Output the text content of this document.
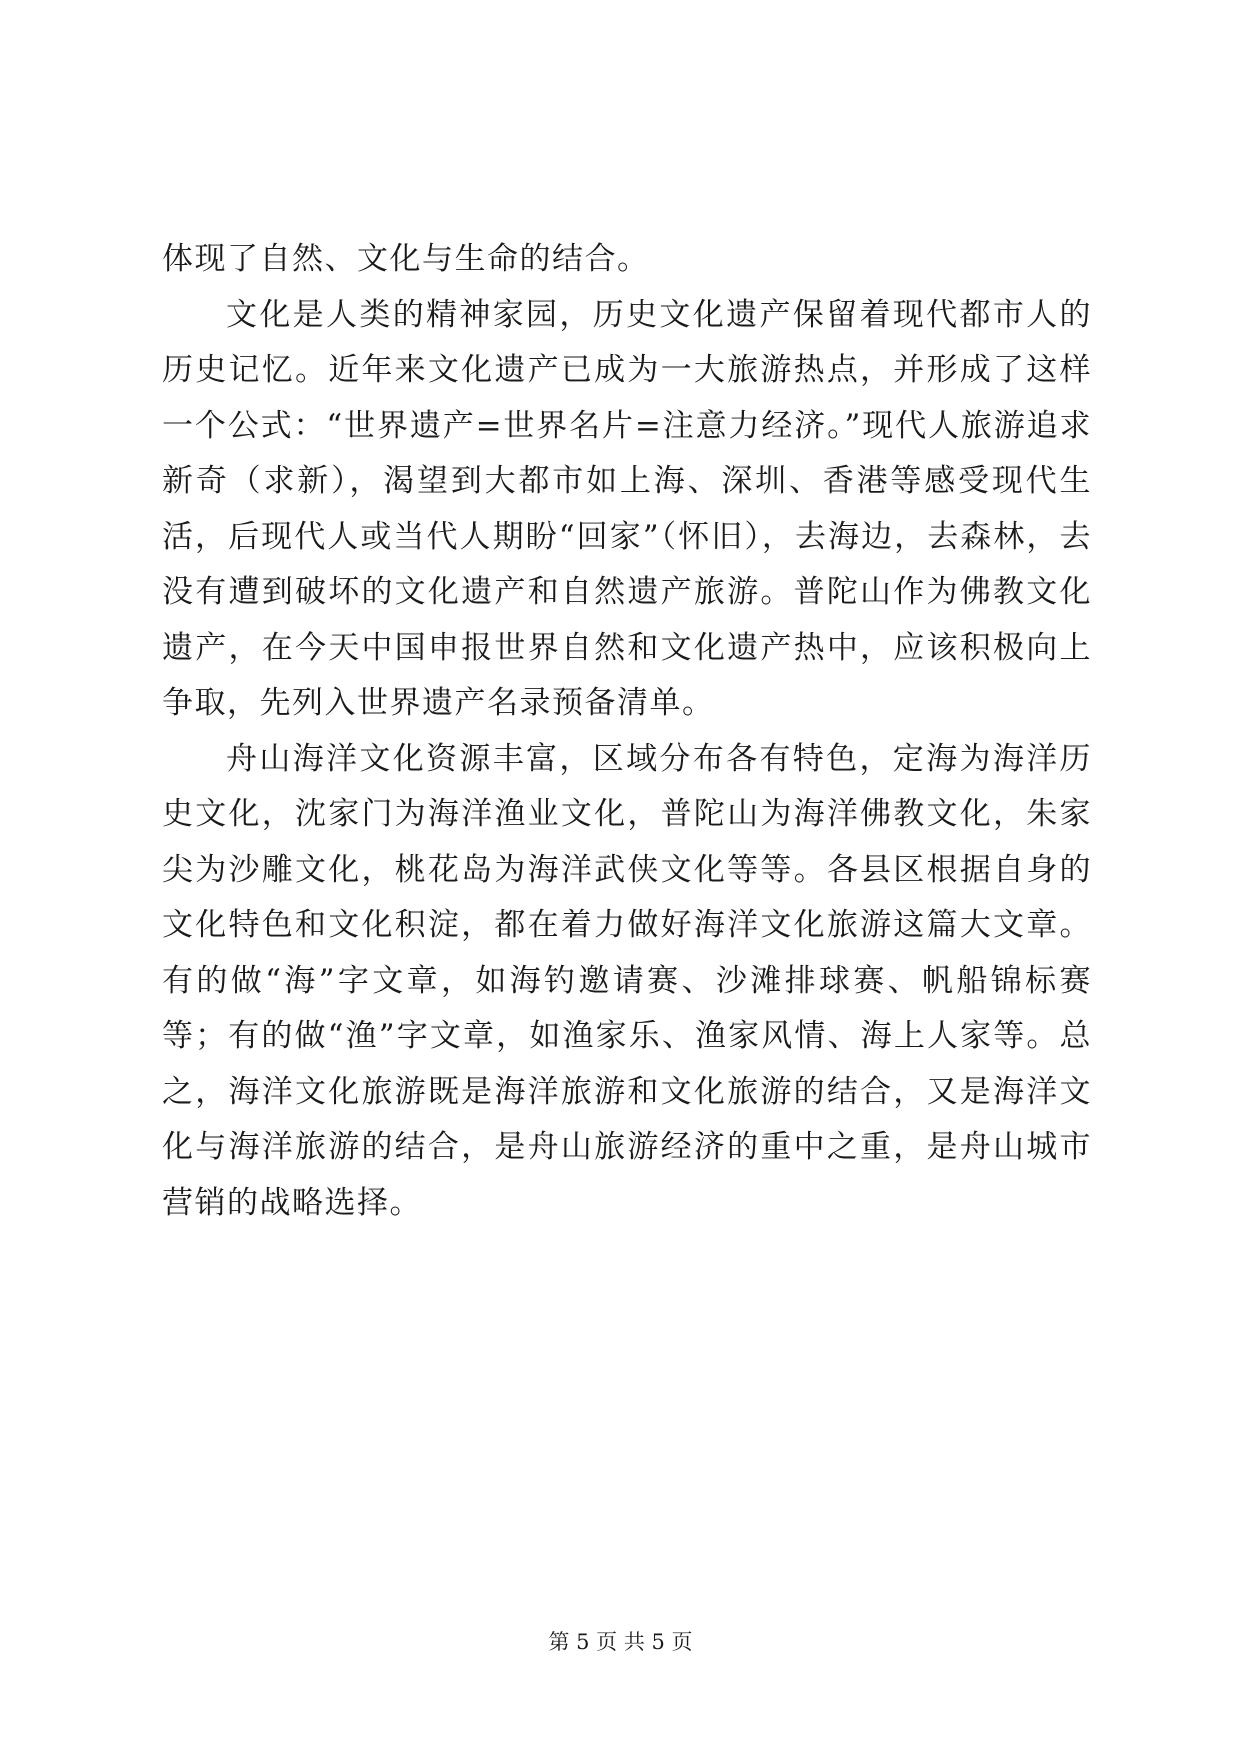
体现了自然、文化与生命的结合。

文化是人类的精神家园，历史文化遗产保留着现代都市人的历史记忆。近年来文化遗产已成为一大旅游热点，并形成了这样一个公式：“世界遗产=世界名片=注意力经济。”现代人旅游追求新奇（求新），渴望到大都市如上海、深圳、香港等感受现代生活，后现代人或当代人期盼“回家”（怀旧），去海边，去森林，去没有遭到破坏的文化遗产和自然遗产旅游。普陀山作为佛教文化遗产，在今天中国申报世界自然和文化遗产热中，应该积极向上争取，先列入世界遗产名录预备清单。

舟山海洋文化资源丰富，区域分布各有特色，定海为海洋历史文化，沈家门为海洋渔业文化，普陀山为海洋佛教文化，朱家尖为沙雕文化，桃花岛为海洋武侠文化等等。各县区根据自身的文化特色和文化积淀，都在着力做好海洋文化旅游这篇大文章。有的做“海”字文章，如海钓邀请赛、沙滩排球赛、帆船锦标赛等；有的做“渔”字文章，如渔家乐、渔家风情、海上人家等。总之，海洋文化旅游既是海洋旅游和文化旅游的结合，又是海洋文化与海洋旅游的结合，是舟山旅游经济的重中之重，是舟山城市营销的战略选择。

第 5 页 共 5 页
